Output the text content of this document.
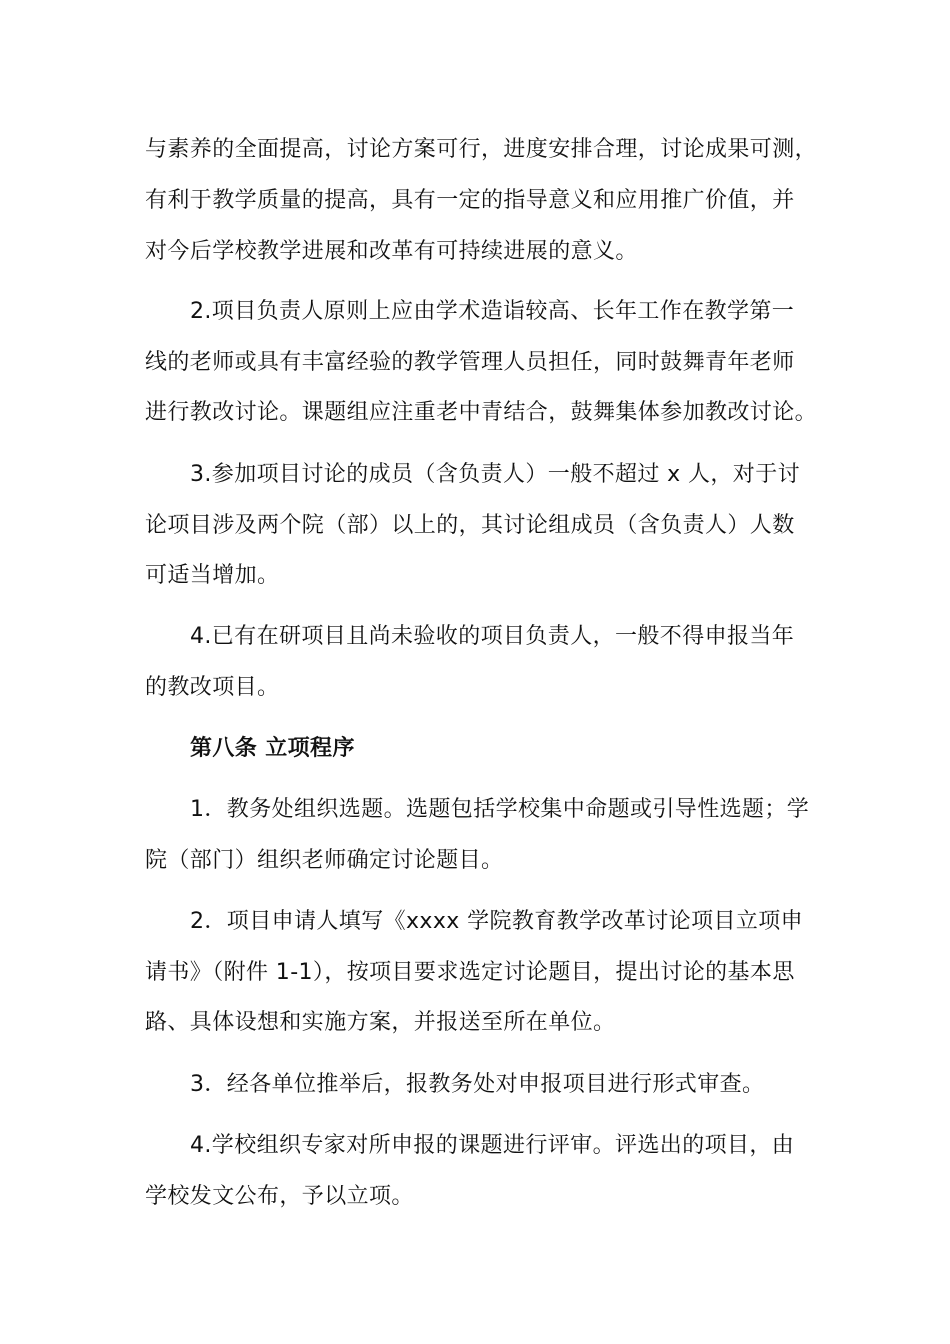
与素养的全面提高，讨论方案可行，进度安排合理，讨论成果可测，
有利于教学质量的提高，具有一定的指导意义和应用推广价值，并
对今后学校教学进展和改革有可持续进展的意义。
2.项目负责人原则上应由学术造诣较高、长年工作在教学第一
线的老师或具有丰富经验的教学管理人员担任，同时鼓舞青年老师
进行教改讨论。课题组应注重老中青结合，鼓舞集体参加教改讨论。
3.参加项目讨论的成员（含负责人）一般不超过 x 人，对于讨
论项目涉及两个院（部）以上的，其讨论组成员（含负责人）人数
可适当增加。
4.已有在研项目且尚未验收的项目负责人，一般不得申报当年
的教改项目。
第八条 立项程序
1．教务处组织选题。选题包括学校集中命题或引导性选题；学
院（部门）组织老师确定讨论题目。
2．项目申请人填写《xxxx 学院教育教学改革讨论项目立项申
请书》（附件 1-1），按项目要求选定讨论题目，提出讨论的基本思
路、具体设想和实施方案，并报送至所在单位。
3．经各单位推举后，报教务处对申报项目进行形式审查。
4.学校组织专家对所申报的课题进行评审。评选出的项目，由
学校发文公布，予以立项。
